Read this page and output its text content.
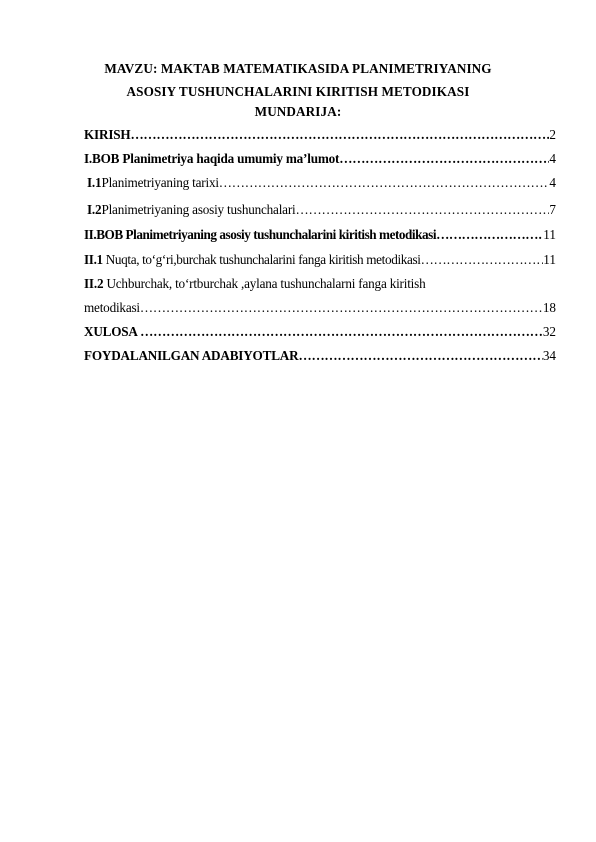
MAVZU: MAKTAB MATEMATIKASIDA PLANIMETRIYANING
ASOSIY TUSHUNCHALARINI KIRITISH METODIKASI
MUNDARIJA:
KIRISH …………………………………………………………………………………………………………………………………………	2
I.BOB Planimetriya haqida umumiy ma’lumot …………………………………………………………………………………………………………………………………………	4
I.1Planimetriyaning tarixi …………………………………………………………………………………………………………………………………………	4
I.2Planimetriyaning asosiy tushunchalari …………………………………………………………………………………………………………………………………………	7
II.BOB Planimetriyaning asosiy tushunchalarini kiritish metodikasi …………………………………………………………………………………………………………………………………………	11
II.1 Nuqta, to‘g‘ri,burchak tushunchalarini fanga kiritish metodikasi …………………………………………………………………………………………………………………………………………	11
II.2 Uchburchak, to‘rtburchak ,aylana tushunchalarni fanga kiritish
metodikasi …………………………………………………………………………………………………………………………………………	18
XULOSA …………………………………………………………………………………………………………………………………………	32
FOYDALANILGAN ADABIYOTLAR …………………………………………………………………………………………………………………………………………	34
